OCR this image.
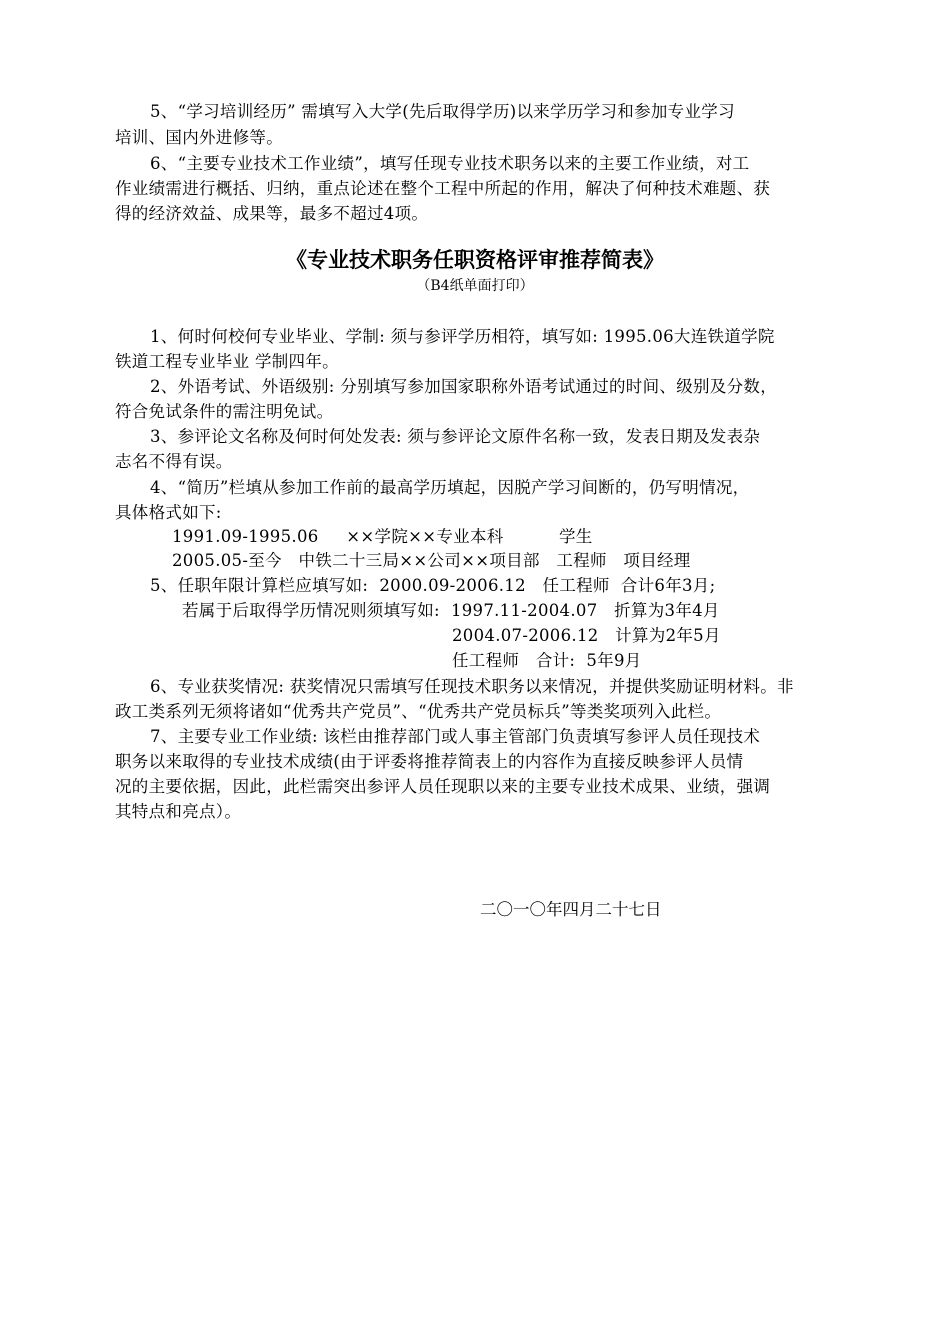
5、“学习培训经历” 需填写入大学(先后取得学历)以来学历学习和参加专业学习
培训、国内外进修等。
6、“主要专业技术工作业绩”，填写任现专业技术职务以来的主要工作业绩，对工
作业绩需进行概括、归纳，重点论述在整个工程中所起的作用，解决了何种技术难题、获
得的经济效益、成果等，最多不超过4项。
《专业技术职务任职资格评审推荐简表》
（B4纸单面打印）
1、何时何校何专业毕业、学制: 须与参评学历相符，填写如: 1995.06大连铁道学院
铁道工程专业毕业 学制四年。
2、外语考试、外语级别: 分别填写参加国家职称外语考试通过的时间、级别及分数，
符合免试条件的需注明免试。
3、参评论文名称及何时何处发表: 须与参评论文原件名称一致，发表日期及发表杂
志名不得有误。
4、“简历”栏填从参加工作前的最高学历填起，因脱产学习间断的，仍写明情况，
具体格式如下:
1991.09-1995.06     ××学院××专业本科          学生
2005.05-至今   中铁二十三局××公司××项目部   工程师   项目经理
5、任职年限计算栏应填写如:  2000.09-2006.12   任工程师  合计6年3月;
若属于后取得学历情况则须填写如:  1997.11-2004.07   折算为3年4月
2004.07-2006.12   计算为2年5月
任工程师   合计:  5年9月
6、专业获奖情况: 获奖情况只需填写任现技术职务以来情况，并提供奖励证明材料。非
政工类系列无须将诸如“优秀共产党员”、“优秀共产党员标兵”等类奖项列入此栏。
7、主要专业工作业绩: 该栏由推荐部门或人事主管部门负责填写参评人员任现技术
职务以来取得的专业技术成绩(由于评委将推荐简表上的内容作为直接反映参评人员情
况的主要依据，因此，此栏需突出参评人员任现职以来的主要专业技术成果、业绩，强调
其特点和亮点）。
二〇一〇年四月二十七日
